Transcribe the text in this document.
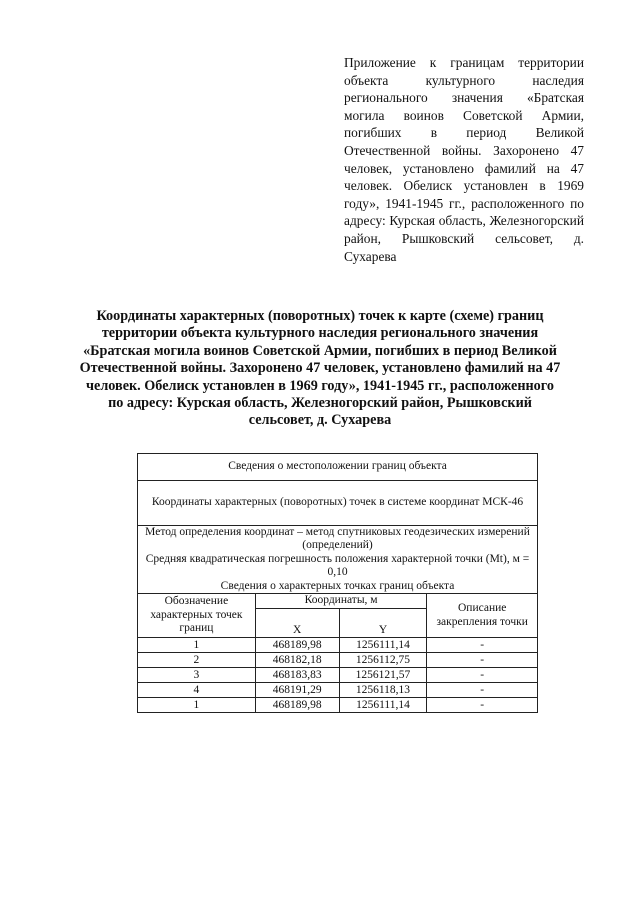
Приложение к границам территории объекта культурного наследия регионального значения «Братская могила воинов Советской Армии, погибших в период Великой Отечественной войны. Захоронено 47 человек, установлено фамилий на 47 человек. Обелиск установлен в 1969 году», 1941-1945 гг., расположенного по адресу: Курская область, Железногорский район, Рышковский сельсовет, д. Сухарева
Координаты характерных (поворотных) точек к карте (схеме) границ территории объекта культурного наследия регионального значения «Братская могила воинов Советской Армии, погибших в период Великой Отечественной войны. Захоронено 47 человек, установлено фамилий на 47 человек. Обелиск установлен в 1969 году», 1941-1945 гг., расположенного по адресу: Курская область, Железногорский район, Рышковский сельсовет, д. Сухарева
Сведения о местоположении границ объекта			
Координаты характерных (поворотных) точек в системе координат МСК-46			

Метод определения координат – метод спутниковых геодезических измерений (определений)
Средняя квадратическая погрешность положения характерной точки (Mt), м = 0,10
Сведения о характерных точках границ объекта			

Обозначение характерных точек границ	Координаты, м		Описание закрепления точки
	X	Y	
1	468189,98	1256111,14	-
2	468182,18	1256112,75	-
3	468183,83	1256121,57	-
4	468191,29	1256118,13	-
1	468189,98	1256111,14	-
